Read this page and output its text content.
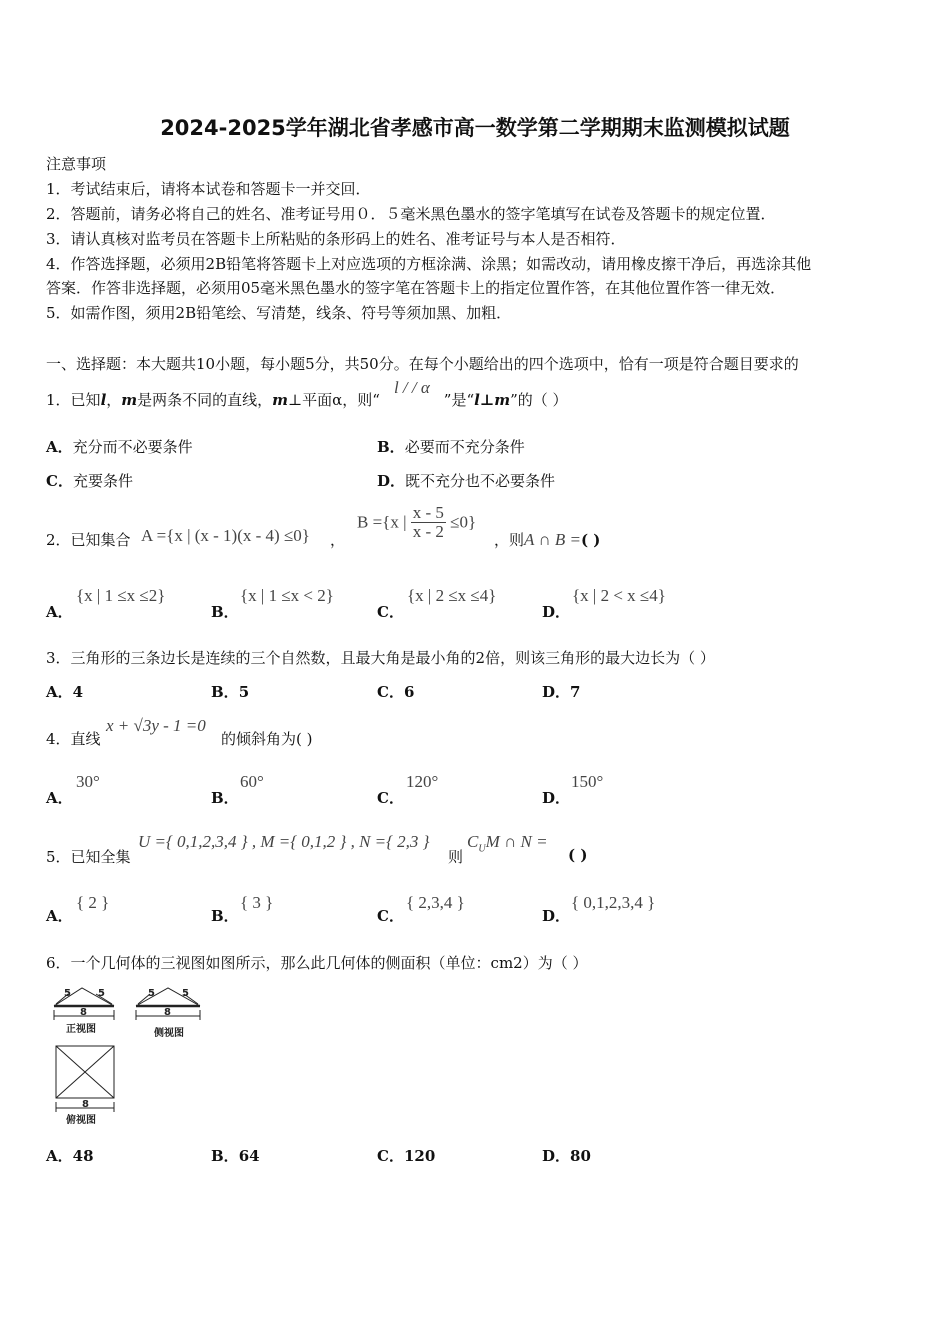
2024-2025学年湖北省孝感市高一数学第二学期期末监测模拟试题
注意事项
1．考试结束后，请将本试卷和答题卡一并交回．
2．答题前，请务必将自己的姓名、准考证号用０．５毫米黑色墨水的签字笔填写在试卷及答题卡的规定位置．
3．请认真核对监考员在答题卡上所粘贴的条形码上的姓名、准考证号与本人是否相符．
4．作答选择题，必须用2B铅笔将答题卡上对应选项的方框涂满、涂黑；如需改动，请用橡皮擦干净后，再选涂其他
答案．作答非选择题，必须用05毫米黑色墨水的签字笔在答题卡上的指定位置作答，在其他位置作答一律无效．
5．如需作图，须用2B铅笔绘、写清楚，线条、符号等须加黑、加粗．
一、选择题：本大题共10小题，每小题5分，共50分。在每个小题给出的四个选项中，恰有一项是符合题目要求的
1．已知l，m是两条不同的直线，m⊥平面α，则“l / / α”是“l⊥m”的（ ）
A．充分而不必要条件	B．必要而不充分条件
C．充要条件	D．既不充分也不必要条件
2．已知集合 A ={x | (x - 1)(x - 4) ≤0} ，
B ={x | $\frac{x - 5}{x - 2} \le 0$}
，则A ∩ B =( )
A．
{x | 1 ≤x ≤2}
B．
{x | 1 ≤x < 2}
C．
{x | 2 ≤x ≤4}
D．
{x | 2 < x ≤4}
3．三角形的三条边长是连续的三个自然数，且最大角是最小角的2倍，则该三角形的最大边长为（ ）
A．4	B．5	C．6	D．7
4．直线
x + √3y - 1 =0
的倾斜角为( )
A．
30°
B．
60°
C．
120°
D．
150°
5．已知全集
U ={ 0,1,2,3,4 } , M ={ 0,1,2 } , N ={ 2,3 }
则
$C_UM$ ∩ N =
( )
A．
{ 2 }
B．
{ 3 }
C．
{ 2,3,4 }
D．
{ 0,1,2,3,4 }
6．一个几何体的三视图如图所示，那么此几何体的侧面积（单位：cm2）为（ ）
5	5
8
正视图
5	5
8
侧视图
8
俯视图
A．48	B．64	C．120	D．80
